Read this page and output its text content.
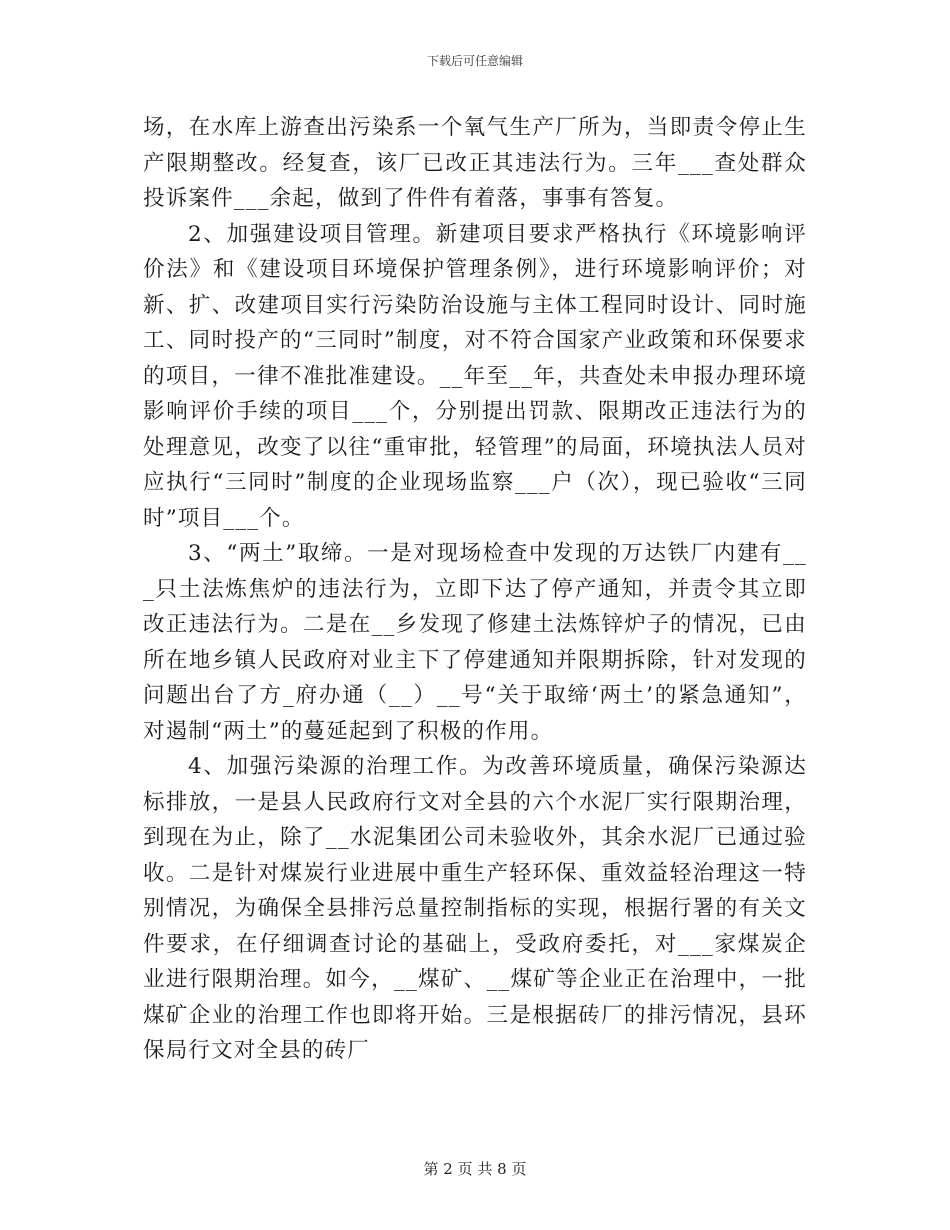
下载后可任意编辑

场，在水库上游查出污染系一个氧气生产厂所为，当即责令停止生产限期整改。经复查，该厂已改正其违法行为。三年___查处群众投诉案件___余起，做到了件件有着落，事事有答复。

2、加强建设项目管理。新建项目要求严格执行《环境影响评价法》和《建设项目环境保护管理条例》，进行环境影响评价；对新、扩、改建项目实行污染防治设施与主体工程同时设计、同时施工、同时投产的“三同时”制度，对不符合国家产业政策和环保要求的项目，一律不准批准建设。__年至__年，共查处未申报办理环境影响评价手续的项目___个，分别提出罚款、限期改正违法行为的处理意见，改变了以往“重审批，轻管理”的局面，环境执法人员对应执行“三同时”制度的企业现场监察___户（次），现已验收“三同时”项目___个。

3、“两土”取缔。一是对现场检查中发现的万达铁厂内建有___只土法炼焦炉的违法行为，立即下达了停产通知，并责令其立即改正违法行为。二是在__乡发现了修建土法炼锌炉子的情况，已由所在地乡镇人民政府对业主下了停建通知并限期拆除，针对发现的问题出台了方_府办通（__）__号“关于取缔‘两土’的紧急通知”，对遏制“两土”的蔓延起到了积极的作用。

4、加强污染源的治理工作。为改善环境质量，确保污染源达标排放，一是县人民政府行文对全县的六个水泥厂实行限期治理，到现在为止，除了__水泥集团公司未验收外，其余水泥厂已通过验收。二是针对煤炭行业进展中重生产轻环保、重效益轻治理这一特别情况，为确保全县排污总量控制指标的实现，根据行署的有关文件要求，在仔细调查讨论的基础上，受政府委托，对___家煤炭企业进行限期治理。如今，__煤矿、__煤矿等企业正在治理中，一批煤矿企业的治理工作也即将开始。三是根据砖厂的排污情况，县环保局行文对全县的砖厂

第 2 页 共 8 页
